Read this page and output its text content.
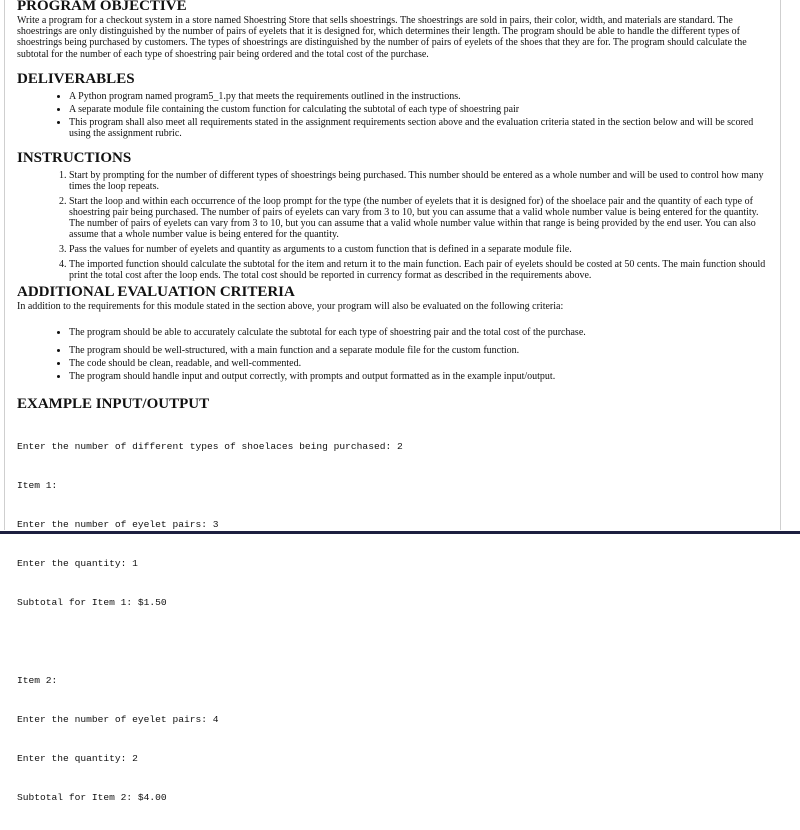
PROGRAM OBJECTIVE

Write a program for a checkout system in a store named Shoestring Store that sells shoestrings. The shoestrings are sold in pairs, their color, width, and materials are standard. The shoestrings are only distinguished by the number of pairs of eyelets that it is designed for, which determines their length. The program should be able to handle the different types of shoestrings being purchased by customers. The types of shoestrings are distinguished by the number of pairs of eyelets of the shoes that they are for. The program should calculate the subtotal for the number of each type of shoestring pair being ordered and the total cost of the purchase.

DELIVERABLES
• A Python program named program5_1.py that meets the requirements outlined in the instructions.
• A separate module file containing the custom function for calculating the subtotal of each type of shoestring pair
• This program shall also meet all requirements stated in the assignment requirements section above and the evaluation criteria stated in the section below and will be scored using the assignment rubric.
INSTRUCTIONS
1. Start by prompting for the number of different types of shoestrings being purchased. This number should be entered as a whole number and will be used to control how many times the loop repeats.
2. Start the loop and within each occurrence of the loop prompt for the type (the number of eyelets that it is designed for) of the shoelace pair and the quantity of each type of shoestring pair being purchased. The number of pairs of eyelets can vary from 3 to 10, but you can assume that a valid whole number value is being entered for the quantity. The number of pairs of eyelets can vary from 3 to 10, but you can assume that a valid whole number value within that range is being provided by the end user. You can also assume that a whole number value is being entered for the quantity.
3. Pass the values for number of eyelets and quantity as arguments to a custom function that is defined in a separate module file.
4. The imported function should calculate the subtotal for the item and return it to the main function. Each pair of eyelets should be costed at 50 cents. The main function should print the total cost after the loop ends. The total cost should be reported in currency format as described in the requirements above.
ADDITIONAL EVALUATION CRITERIA

In addition to the requirements for this module stated in the section above, your program will also be evaluated on the following criteria:

• The program should be able to accurately calculate the subtotal for each type of shoestring pair and the total cost of the purchase.
• The program should be well-structured, with a main function and a separate module file for the custom function.
• The code should be clean, readable, and well-commented.
• The program should handle input and output correctly, with prompts and output formatted as in the example input/output.
EXAMPLE INPUT/OUTPUT

Enter the number of different types of shoelaces being purchased: 2

Item 1:

Enter the number of eyelet pairs: 3

Enter the quantity: 1

Subtotal for Item 1: $1.50

Item 2:

Enter the number of eyelet pairs: 4

Enter the quantity: 2

Subtotal for Item 2: $4.00
